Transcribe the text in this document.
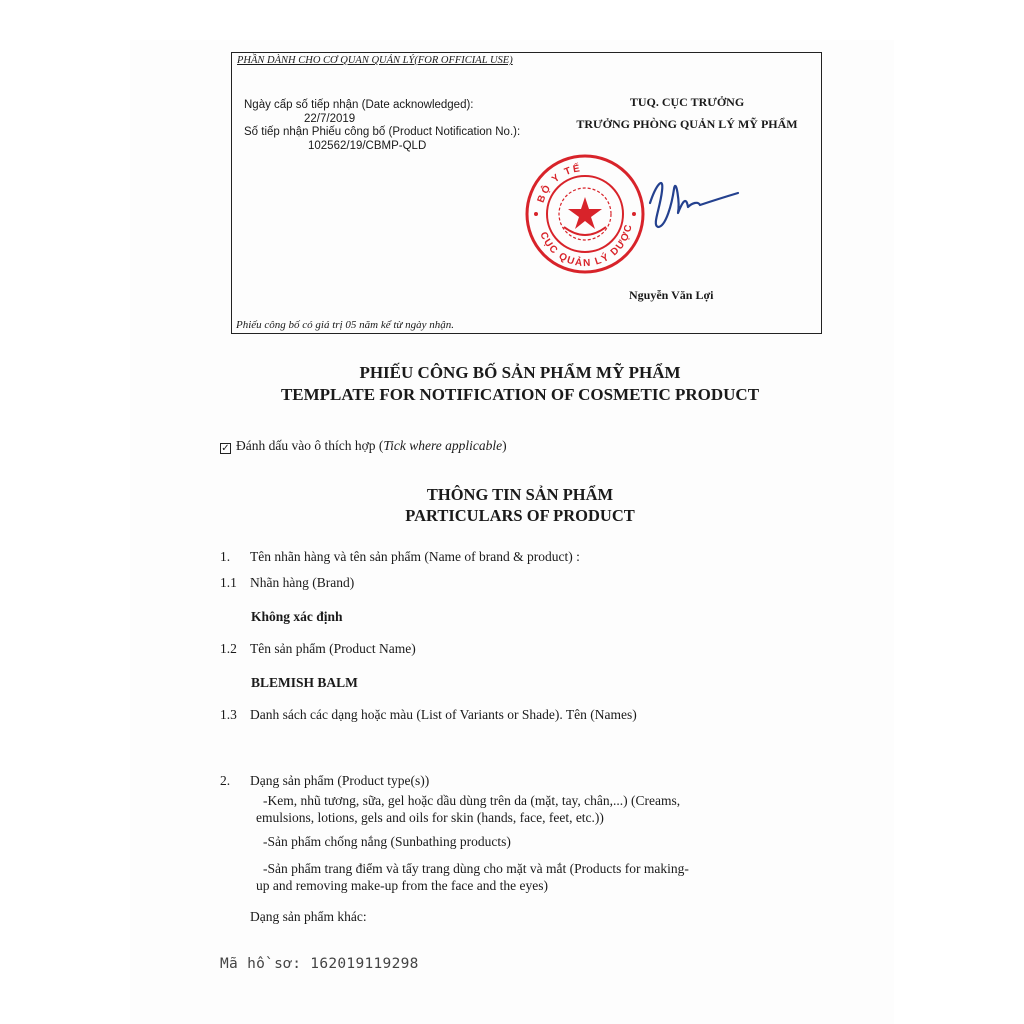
PHẦN DÀNH CHO CƠ QUAN QUẢN LÝ(FOR OFFICIAL USE)
Ngày cấp số tiếp nhận (Date acknowledged):
22/7/2019
Số tiếp nhận Phiếu công bố (Product Notification No.):
102562/19/CBMP-QLD
TUQ. CỤC TRƯỞNG
TRƯỞNG PHÒNG QUẢN LÝ MỸ PHẨM
BỘ Y TẾ
CỤC QUẢN LÝ DƯỢC
Nguyễn Văn Lợi
Phiếu công bố có giá trị 05 năm kể từ ngày nhận.
PHIẾU CÔNG BỐ SẢN PHẨM MỸ PHẨM
TEMPLATE FOR NOTIFICATION OF COSMETIC PRODUCT
✓ Đánh dấu vào ô thích hợp (Tick where applicable)
THÔNG TIN SẢN PHẨM
PARTICULARS OF PRODUCT
1. Tên nhãn hàng và tên sản phẩm (Name of brand & product) :
1.1 Nhãn hàng (Brand)
Không xác định
1.2 Tên sản phẩm (Product Name)
BLEMISH BALM
1.3 Danh sách các dạng hoặc màu (List of Variants or Shade). Tên (Names)
2. Dạng sản phẩm (Product type(s))
-Kem, nhũ tương, sữa, gel hoặc dầu dùng trên da (mặt, tay, chân,...) (Creams,
emulsions, lotions, gels and oils for skin (hands, face, feet, etc.))
-Sản phẩm chống nắng (Sunbathing products)
-Sản phẩm trang điểm và tẩy trang dùng cho mặt và mắt (Products for making-
up and removing make-up from the face and the eyes)
Dạng sản phẩm khác:
Mã hồ sơ: 162019119298
